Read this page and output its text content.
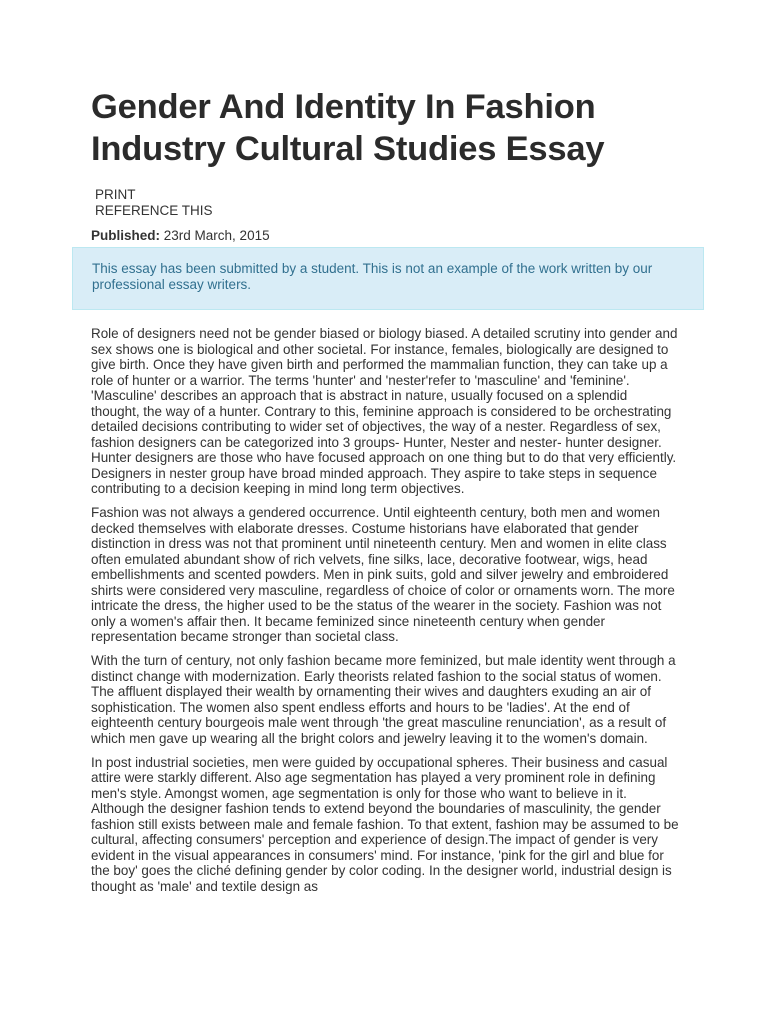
Gender And Identity In Fashion Industry Cultural Studies Essay
PRINT
REFERENCE THIS
Published: 23rd March, 2015
This essay has been submitted by a student. This is not an example of the work written by our professional essay writers.

Role of designers need not be gender biased or biology biased. A detailed scrutiny into gender and sex shows one is biological and other societal. For instance, females, biologically are designed to give birth. Once they have given birth and performed the mammalian function, they can take up a role of hunter or a warrior. The terms 'hunter' and 'nester'refer to 'masculine' and 'feminine'. 'Masculine' describes an approach that is abstract in nature, usually focused on a splendid thought, the way of a hunter. Contrary to this, feminine approach is considered to be orchestrating detailed decisions contributing to wider set of objectives, the way of a nester. Regardless of sex, fashion designers can be categorized into 3 groups- Hunter, Nester and nester- hunter designer. Hunter designers are those who have focused approach on one thing but to do that very efficiently. Designers in nester group have broad minded approach. They aspire to take steps in sequence contributing to a decision keeping in mind long term objectives.

Fashion was not always a gendered occurrence. Until eighteenth century, both men and women decked themselves with elaborate dresses. Costume historians have elaborated that gender distinction in dress was not that prominent until nineteenth century. Men and women in elite class often emulated abundant show of rich velvets, fine silks, lace, decorative footwear, wigs, head embellishments and scented powders. Men in pink suits, gold and silver jewelry and embroidered shirts were considered very masculine, regardless of choice of color or ornaments worn. The more intricate the dress, the higher used to be the status of the wearer in the society. Fashion was not only a women's affair then. It became feminized since nineteenth century when gender representation became stronger than societal class.

With the turn of century, not only fashion became more feminized, but male identity went through a distinct change with modernization. Early theorists related fashion to the social status of women. The affluent displayed their wealth by ornamenting their wives and daughters exuding an air of sophistication. The women also spent endless efforts and hours to be 'ladies'. At the end of eighteenth century bourgeois male went through 'the great masculine renunciation', as a result of which men gave up wearing all the bright colors and jewelry leaving it to the women's domain.

In post industrial societies, men were guided by occupational spheres. Their business and casual attire were starkly different. Also age segmentation has played a very prominent role in defining men's style. Amongst women, age segmentation is only for those who want to believe in it. Although the designer fashion tends to extend beyond the boundaries of masculinity, the gender fashion still exists between male and female fashion. To that extent, fashion may be assumed to be cultural, affecting consumers' perception and experience of design.The impact of gender is very evident in the visual appearances in consumers' mind. For instance, 'pink for the girl and blue for the boy' goes the cliché defining gender by color coding. In the designer world, industrial design is thought as 'male' and textile design as
